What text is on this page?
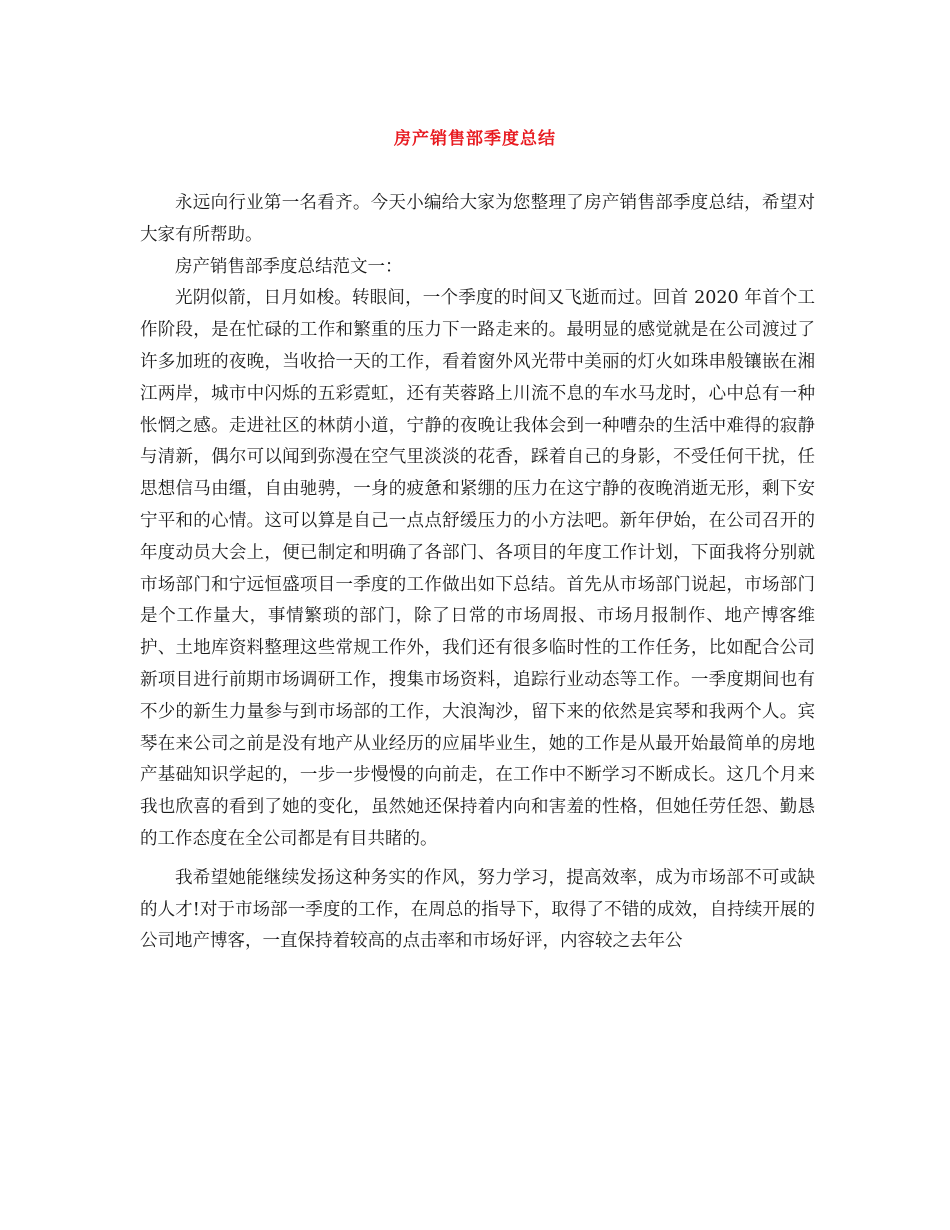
房产销售部季度总结

永远向行业第一名看齐。今天小编给大家为您整理了房产销售部季度总结，希望对大家有所帮助。

房产销售部季度总结范文一：

光阴似箭，日月如梭。转眼间，一个季度的时间又飞逝而过。回首 2020 年首个工作阶段，是在忙碌的工作和繁重的压力下一路走来的。最明显的感觉就是在公司渡过了许多加班的夜晚，当收拾一天的工作，看着窗外风光带中美丽的灯火如珠串般镶嵌在湘江两岸，城市中闪烁的五彩霓虹，还有芙蓉路上川流不息的车水马龙时，心中总有一种怅惘之感。走进社区的林荫小道，宁静的夜晚让我体会到一种嘈杂的生活中难得的寂静与清新，偶尔可以闻到弥漫在空气里淡淡的花香，踩着自己的身影，不受任何干扰，任思想信马由缰，自由驰骋，一身的疲惫和紧绷的压力在这宁静的夜晚消逝无形，剩下安宁平和的心情。这可以算是自己一点点舒缓压力的小方法吧。新年伊始，在公司召开的年度动员大会上，便已制定和明确了各部门、各项目的年度工作计划，下面我将分别就市场部门和宁远恒盛项目一季度的工作做出如下总结。首先从市场部门说起，市场部门是个工作量大，事情繁琐的部门，除了日常的市场周报、市场月报制作、地产博客维护、土地库资料整理这些常规工作外，我们还有很多临时性的工作任务，比如配合公司新项目进行前期市场调研工作，搜集市场资料，追踪行业动态等工作。一季度期间也有不少的新生力量参与到市场部的工作，大浪淘沙，留下来的依然是宾琴和我两个人。宾琴在来公司之前是没有地产从业经历的应届毕业生，她的工作是从最开始最简单的房地产基础知识学起的，一步一步慢慢的向前走，在工作中不断学习不断成长。这几个月来我也欣喜的看到了她的变化，虽然她还保持着内向和害羞的性格，但她任劳任怨、勤恳的工作态度在全公司都是有目共睹的。

我希望她能继续发扬这种务实的作风，努力学习，提高效率，成为市场部不可或缺的人才!对于市场部一季度的工作，在周总的指导下，取得了不错的成效，自持续开展的公司地产博客，一直保持着较高的点击率和市场好评，内容较之去年公
